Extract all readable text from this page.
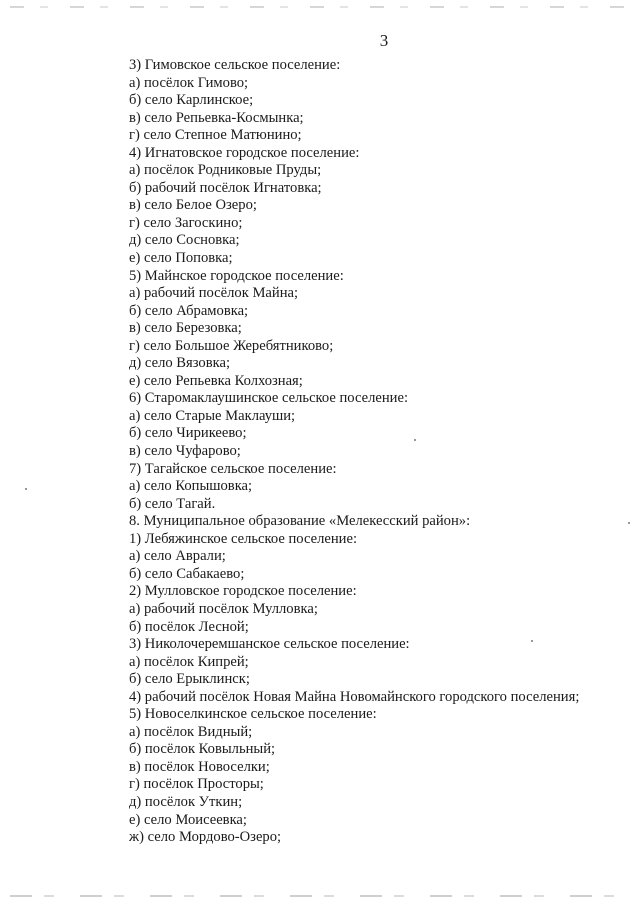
3
3) Гимовское сельское поселение:
а) посёлок Гимово;
б) село Карлинское;
в) село Репьевка-Космынка;
г) село Степное Матюнино;
4) Игнатовское городское поселение:
а) посёлок Родниковые Пруды;
б) рабочий посёлок Игнатовка;
в) село Белое Озеро;
г) село Загоскино;
д) село Сосновка;
е) село Поповка;
5) Майнское городское поселение:
а) рабочий посёлок Майна;
б) село Абрамовка;
в) село Березовка;
г) село Большое Жеребятниково;
д) село Вязовка;
е) село Репьевка Колхозная;
6) Старомаклаушинское сельское поселение:
а) село Старые Маклауши;
б) село Чирикеево;
в) село Чуфарово;
7) Тагайское сельское поселение:
а) село Копышовка;
б) село Тагай.
8. Муниципальное образование «Мелекесский район»:
1) Лебяжинское сельское поселение:
а) село Аврали;
б) село Сабакаево;
2) Мулловское городское поселение:
а) рабочий посёлок Мулловка;
б) посёлок Лесной;
3) Николочеремшанское сельское поселение:
а) посёлок Кипрей;
б) село Ерыклинск;
4) рабочий посёлок Новая Майна Новомайнского городского поселения;
5) Новоселкинское сельское поселение:
а) посёлок Видный;
б) посёлок Ковыльный;
в) посёлок Новоселки;
г) посёлок Просторы;
д) посёлок Уткин;
е) село Моисеевка;
ж) село Мордово-Озеро;
